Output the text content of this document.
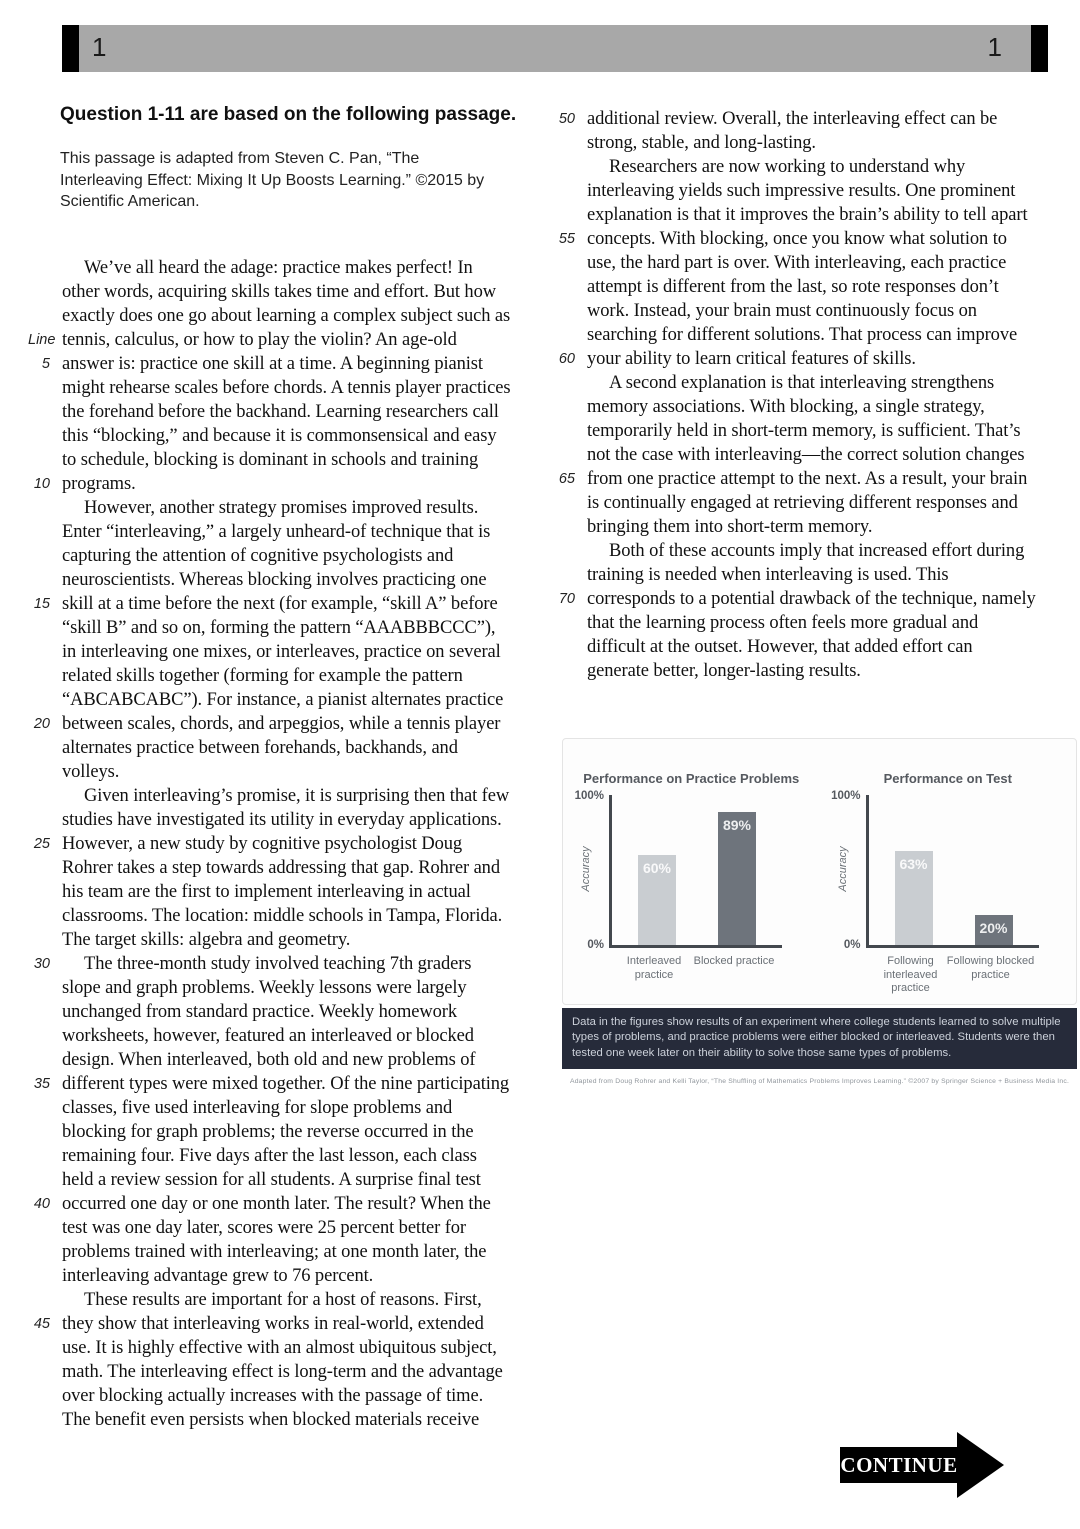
1	1
Question 1-11 are based on the following passage.
This passage is adapted from Steven C. Pan, “The
Interleaving Effect: Mixing It Up Boosts Learning.” ©2015 by
Scientific American.
We’ve all heard the adage: practice makes perfect! In
other words, acquiring skills takes time and effort. But how
exactly does one go about learning a complex subject such as
Line tennis, calculus, or how to play the violin? An age-old
5 answer is: practice one skill at a time. A beginning pianist
might rehearse scales before chords. A tennis player practices
the forehand before the backhand. Learning researchers call
this “blocking,” and because it is commonsensical and easy
to schedule, blocking is dominant in schools and training
10 programs.
However, another strategy promises improved results.
Enter “interleaving,” a largely unheard-of technique that is
capturing the attention of cognitive psychologists and
neuroscientists. Whereas blocking involves practicing one
15 skill at a time before the next (for example, “skill A” before
“skill B” and so on, forming the pattern “AAABBBCCC”),
in interleaving one mixes, or interleaves, practice on several
related skills together (forming for example the pattern
“ABCABCABC”). For instance, a pianist alternates practice
20 between scales, chords, and arpeggios, while a tennis player
alternates practice between forehands, backhands, and
volleys.
Given interleaving’s promise, it is surprising then that few
studies have investigated its utility in everyday applications.
25 However, a new study by cognitive psychologist Doug
Rohrer takes a step towards addressing that gap. Rohrer and
his team are the first to implement interleaving in actual
classrooms. The location: middle schools in Tampa, Florida.
The target skills: algebra and geometry.
30	The three-month study involved teaching 7th graders
slope and graph problems. Weekly lessons were largely
unchanged from standard practice. Weekly homework
worksheets, however, featured an interleaved or blocked
design. When interleaved, both old and new problems of
35 different types were mixed together. Of the nine participating
classes, five used interleaving for slope problems and
blocking for graph problems; the reverse occurred in the
remaining four. Five days after the last lesson, each class
held a review session for all students. A surprise final test
40 occurred one day or one month later. The result? When the
test was one day later, scores were 25 percent better for
problems trained with interleaving; at one month later, the
interleaving advantage grew to 76 percent.
These results are important for a host of reasons. First,
45 they show that interleaving works in real-world, extended
use. It is highly effective with an almost ubiquitous subject,
math. The interleaving effect is long-term and the advantage
over blocking actually increases with the passage of time.
The benefit even persists when blocked materials receive
50 additional review. Overall, the interleaving effect can be
strong, stable, and long-lasting.
Researchers are now working to understand why
interleaving yields such impressive results. One prominent
explanation is that it improves the brain’s ability to tell apart
55 concepts. With blocking, once you know what solution to
use, the hard part is over. With interleaving, each practice
attempt is different from the last, so rote responses don’t
work. Instead, your brain must continuously focus on
searching for different solutions. That process can improve
60 your ability to learn critical features of skills.
A second explanation is that interleaving strengthens
memory associations. With blocking, a single strategy,
temporarily held in short-term memory, is sufficient. That’s
not the case with interleaving—the correct solution changes
65 from one practice attempt to the next. As a result, your brain
is continually engaged at retrieving different responses and
bringing them into short-term memory.
Both of these accounts imply that increased effort during
training is needed when interleaving is used. This
70 corresponds to a potential drawback of the technique, namely
that the learning process often feels more gradual and
difficult at the outset. However, that added effort can
generate better, longer-lasting results.
Performance on Practice Problems
100%
Accuracy
0%
60%
89%
Interleaved practice
Blocked practice
Performance on Test
100%
Accuracy
0%
63%
20%
Following interleaved practice
Following blocked practice
Data in the figures show results of an experiment where college students learned to solve multiple types of problems, and practice problems were either blocked or interleaved. Students were then tested one week later on their ability to solve those same types of problems.
Adapted from Doug Rohrer and Kelli Taylor, “The Shuffling of Mathematics Problems Improves Learning.” ©2007 by Springer Science + Business Media Inc.
CONTINUE
